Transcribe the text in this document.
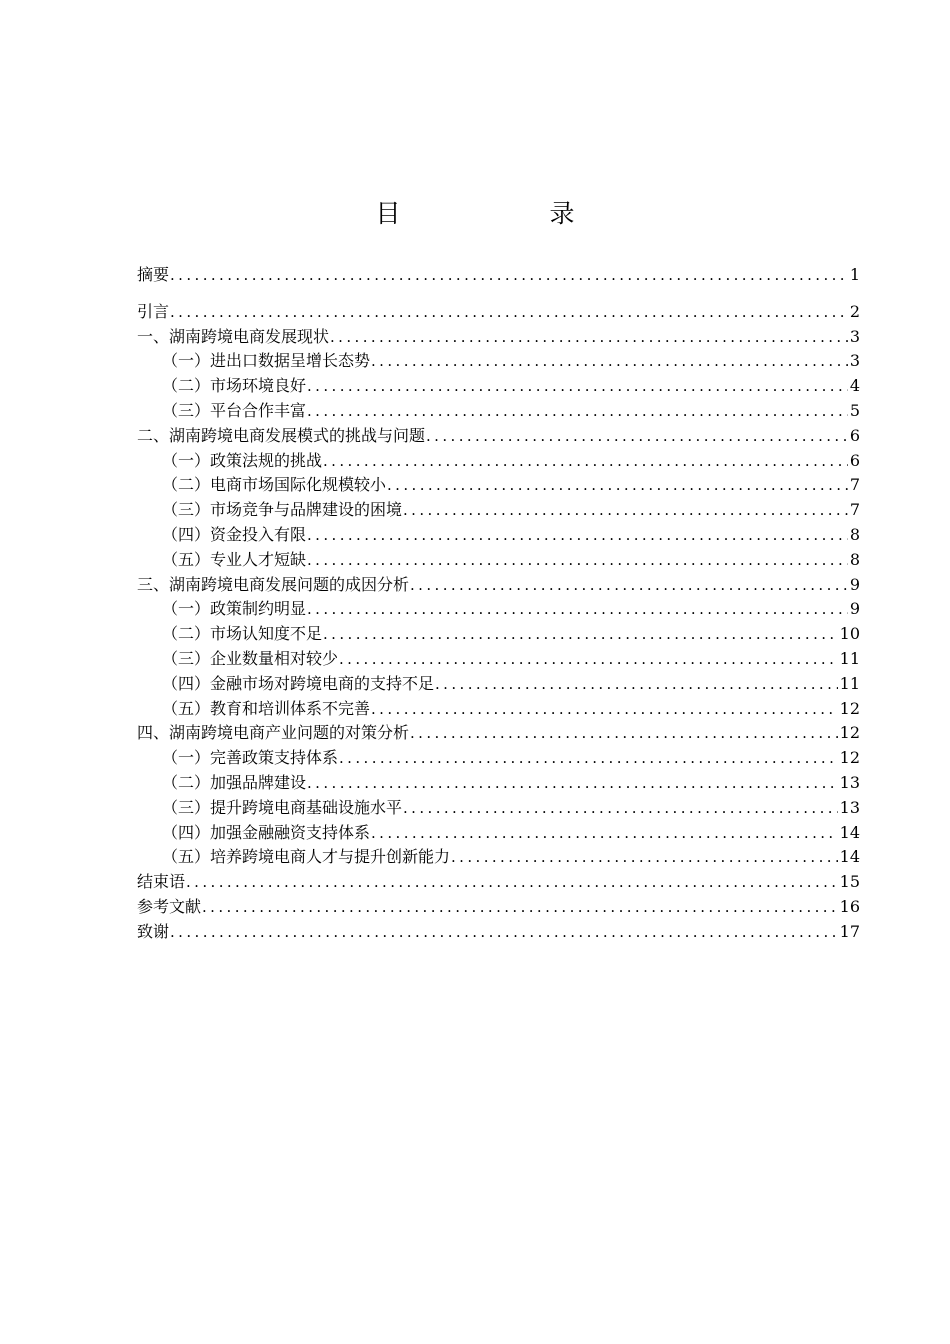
目　录
摘要 .....	1
引言 .....	2
一、湖南跨境电商发展现状 .....	3
（一）进出口数据呈增长态势 .....	3
（二）市场环境良好 .....	4
（三）平台合作丰富 .....	5
二、湖南跨境电商发展模式的挑战与问题 .....	6
（一）政策法规的挑战 .....	6
（二）电商市场国际化规模较小 .....	7
（三）市场竞争与品牌建设的困境 .....	7
（四）资金投入有限 .....	8
（五）专业人才短缺 .....	8
三、湖南跨境电商发展问题的成因分析 .....	9
（一）政策制约明显 .....	9
（二）市场认知度不足 .....	10
（三）企业数量相对较少 .....	11
（四）金融市场对跨境电商的支持不足 .....	11
（五）教育和培训体系不完善 .....	12
四、湖南跨境电商产业问题的对策分析 .....	12
（一）完善政策支持体系 .....	12
（二）加强品牌建设 .....	13
（三）提升跨境电商基础设施水平 .....	13
（四）加强金融融资支持体系 .....	14
（五）培养跨境电商人才与提升创新能力 .....	14
结束语 .....	15
参考文献 .....	16
致谢 .....	17
